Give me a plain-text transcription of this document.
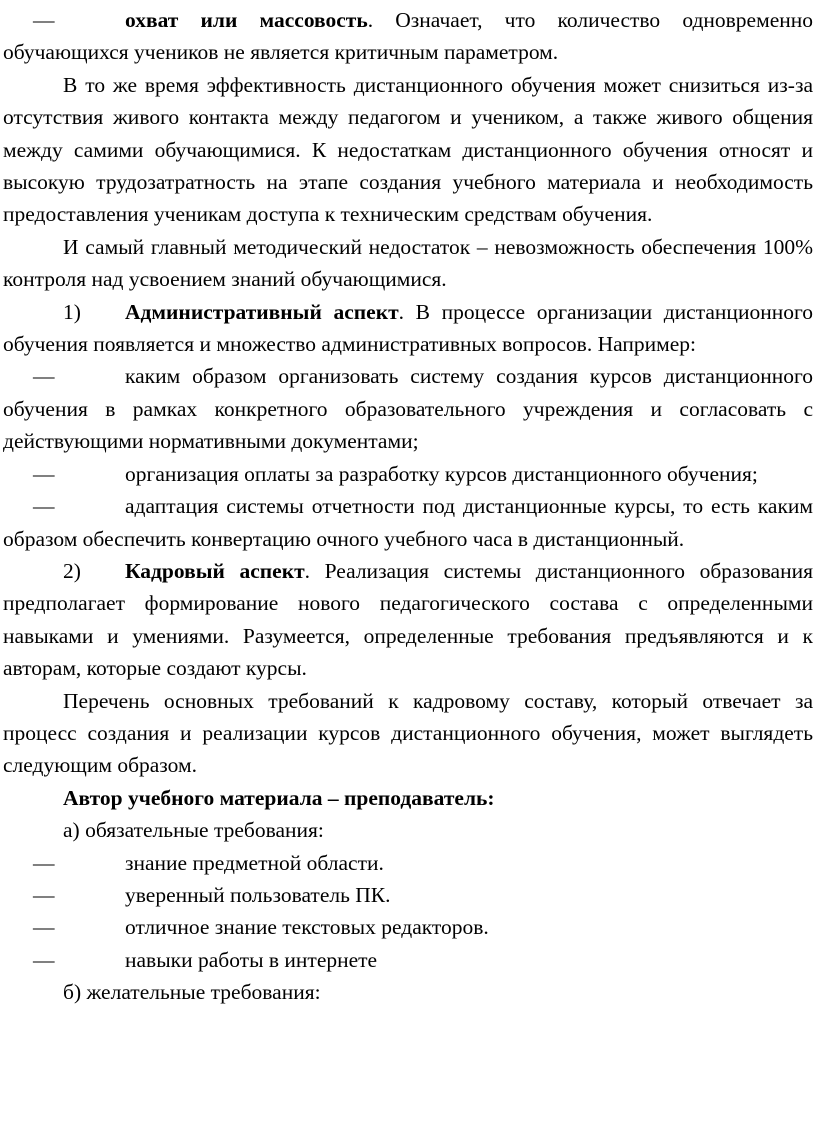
—	охват или массовость. Означает, что количество одновременно обучающихся учеников не является критичным параметром.

В то же время эффективность дистанционного обучения может снизиться из-за отсутствия живого контакта между педагогом и учеником, а также живого общения между самими обучающимися. К недостаткам дистанционного обучения относят и высокую трудозатратность на этапе создания учебного материала и необходимость предоставления ученикам доступа к техническим средствам обучения.

И самый главный методический недостаток – невозможность обеспечения 100% контроля над усвоением знаний обучающимися.

1) Административный аспект. В процессе организации дистанционного обучения появляется и множество административных вопросов. Например:

—	каким образом организовать систему создания курсов дистанционного обучения в рамках конкретного образовательного учреждения и согласовать с действующими нормативными документами;

—	организация оплаты за разработку курсов дистанционного обучения;

—	адаптация системы отчетности под дистанционные курсы, то есть каким образом обеспечить конвертацию очного учебного часа в дистанционный.

2) Кадровый аспект. Реализация системы дистанционного образования предполагает формирование нового педагогического состава с определенными навыками и умениями. Разумеется, определенные требования предъявляются и к авторам, которые создают курсы.

Перечень основных требований к кадровому составу, который отвечает за процесс создания и реализации курсов дистанционного обучения, может выглядеть следующим образом.

Автор учебного материала – преподаватель:

а) обязательные требования:

—	знание предметной области.

—	уверенный пользователь ПК.

—	отличное знание текстовых редакторов.

—	навыки работы в интернете

б) желательные требования:
